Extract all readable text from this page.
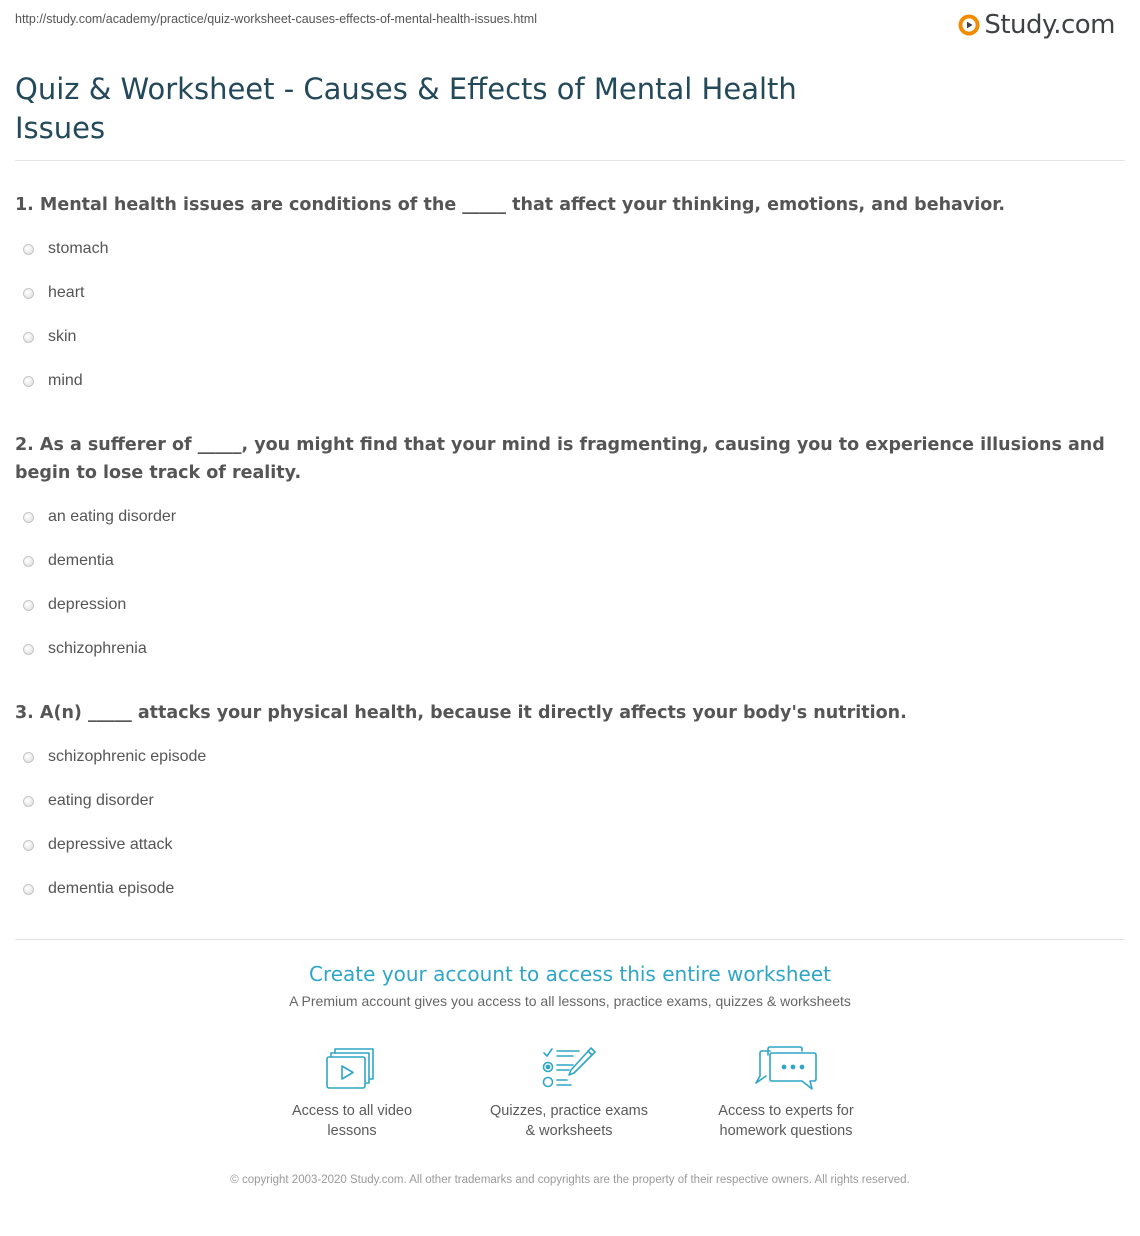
http://study.com/academy/practice/quiz-worksheet-causes-effects-of-mental-health-issues.html	Study.com
Quiz & Worksheet - Causes & Effects of Mental Health Issues
1. Mental health issues are conditions of the _____ that affect your thinking, emotions, and behavior.
stomach
heart
skin
mind
2. As a sufferer of _____, you might find that your mind is fragmenting, causing you to experience illusions and begin to lose track of reality.
an eating disorder
dementia
depression
schizophrenia
3. A(n) _____ attacks your physical health, because it directly affects your body's nutrition.
schizophrenic episode
eating disorder
depressive attack
dementia episode
Create your account to access this entire worksheet
A Premium account gives you access to all lessons, practice exams, quizzes & worksheets
Access to all video lessons
Quizzes, practice exams & worksheets
Access to experts for homework questions
© copyright 2003-2020 Study.com. All other trademarks and copyrights are the property of their respective owners. All rights reserved.
